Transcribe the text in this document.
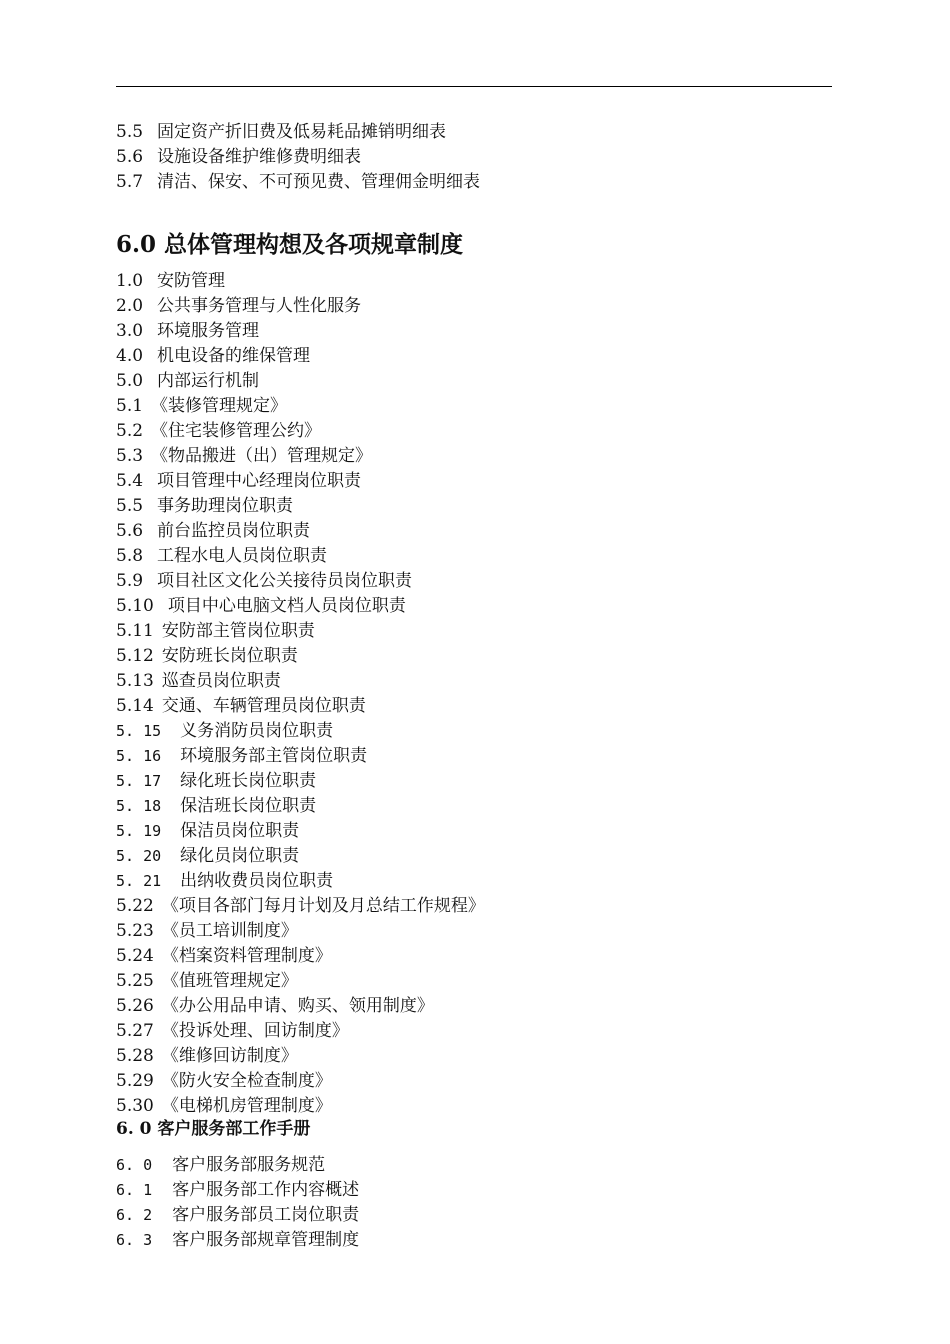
5.5 固定资产折旧费及低易耗品摊销明细表
5.6 设施设备维护维修费明细表
5.7 清洁、保安、不可预见费、管理佣金明细表
6.0 总体管理构想及各项规章制度
1.0 安防管理
2.0 公共事务管理与人性化服务
3.0 环境服务管理
4.0 机电设备的维保管理
5.0 内部运行机制
5.1 《装修管理规定》
5.2 《住宅装修管理公约》
5.3 《物品搬进（出）管理规定》
5.4 项目管理中心经理岗位职责
5.5 事务助理岗位职责
5.6 前台监控员岗位职责
5.8 工程水电人员岗位职责
5.9 项目社区文化公关接待员岗位职责
5.10 项目中心电脑文档人员岗位职责
5.11 安防部主管岗位职责
5.12 安防班长岗位职责
5.13 巡查员岗位职责
5.14 交通、车辆管理员岗位职责
5. 15 义务消防员岗位职责
5. 16 环境服务部主管岗位职责
5. 17 绿化班长岗位职责
5. 18 保洁班长岗位职责
5. 19 保洁员岗位职责
5. 20 绿化员岗位职责
5. 21 出纳收费员岗位职责
5.22 《项目各部门每月计划及月总结工作规程》
5.23 《员工培训制度》
5.24 《档案资料管理制度》
5.25 《值班管理规定》
5.26 《办公用品申请、购买、领用制度》
5.27 《投诉处理、回访制度》
5.28 《维修回访制度》
5.29 《防火安全检查制度》
5.30 《电梯机房管理制度》
6. 0 客户服务部工作手册
6. 0 客户服务部服务规范
6. 1 客户服务部工作内容概述
6. 2 客户服务部员工岗位职责
6. 3 客户服务部规章管理制度
